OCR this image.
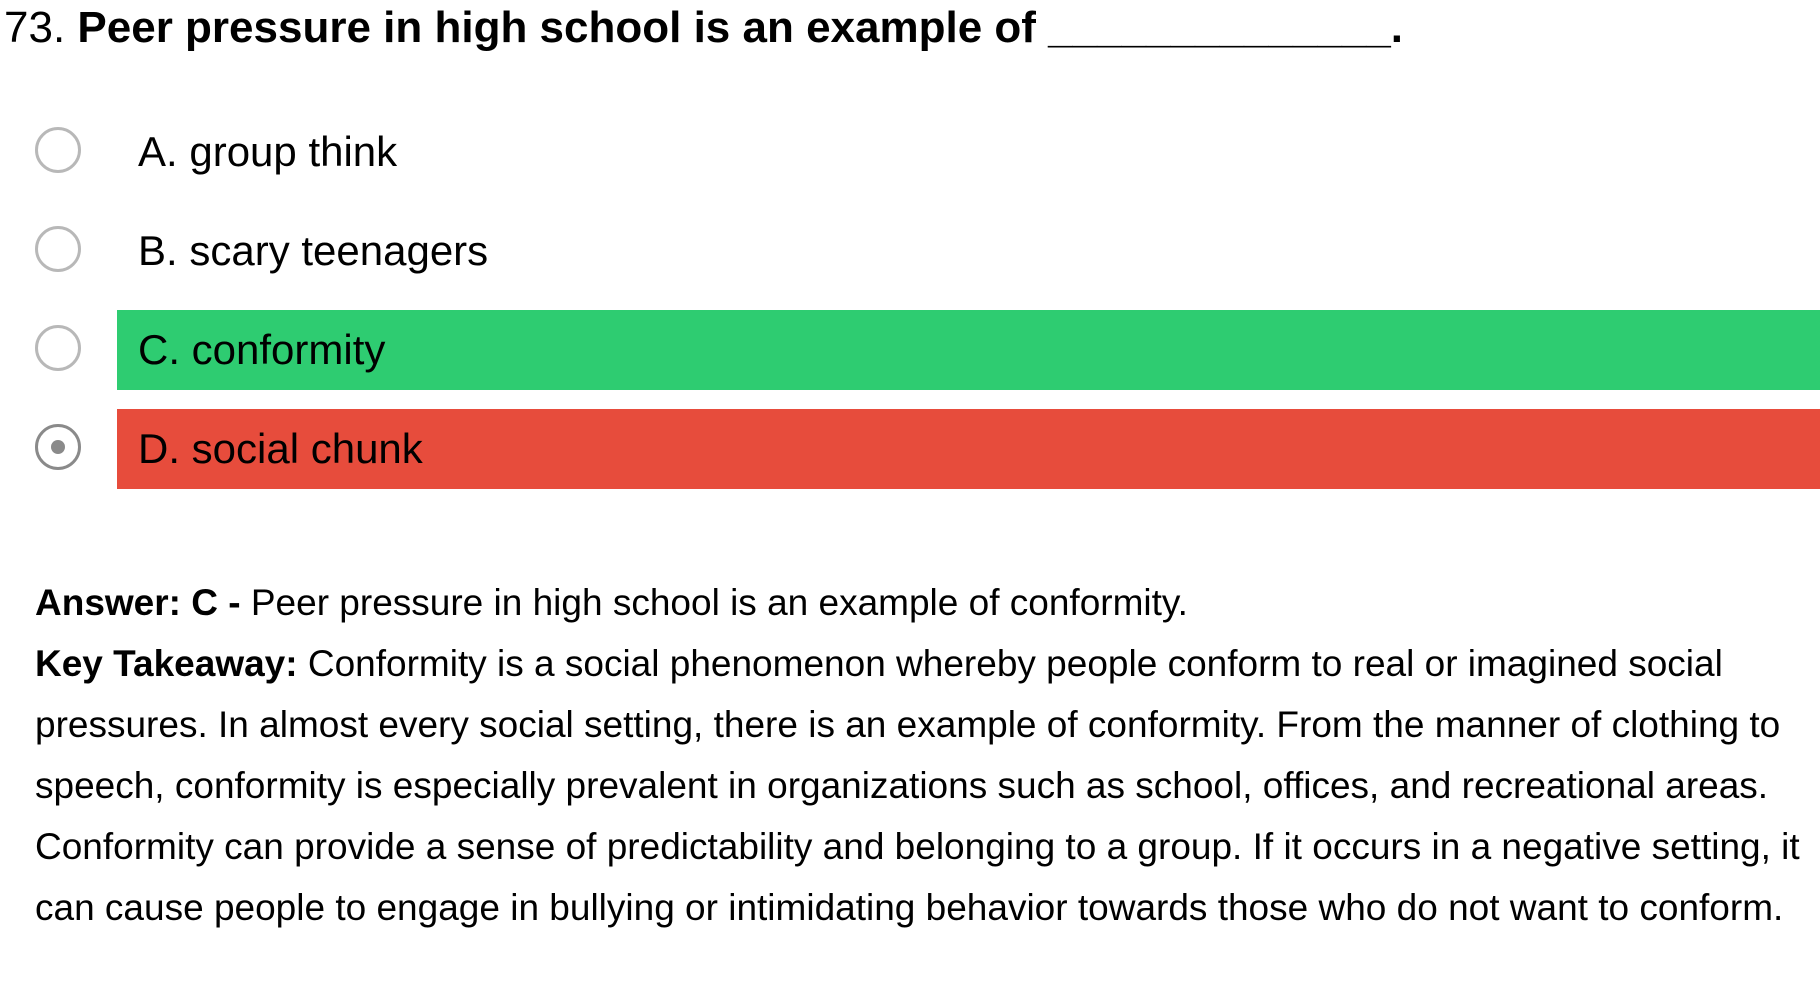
73. Peer pressure in high school is an example of ______________.
A. group think
B. scary teenagers
C. conformity
D. social chunk

Answer: C - Peer pressure in high school is an example of conformity.

Key Takeaway: Conformity is a social phenomenon whereby people conform to real or imagined social pressures. In almost every social setting, there is an example of conformity. From the manner of clothing to speech, conformity is especially prevalent in organizations such as school, offices, and recreational areas. Conformity can provide a sense of predictability and belonging to a group. If it occurs in a negative setting, it can cause people to engage in bullying or intimidating behavior towards those who do not want to conform.
